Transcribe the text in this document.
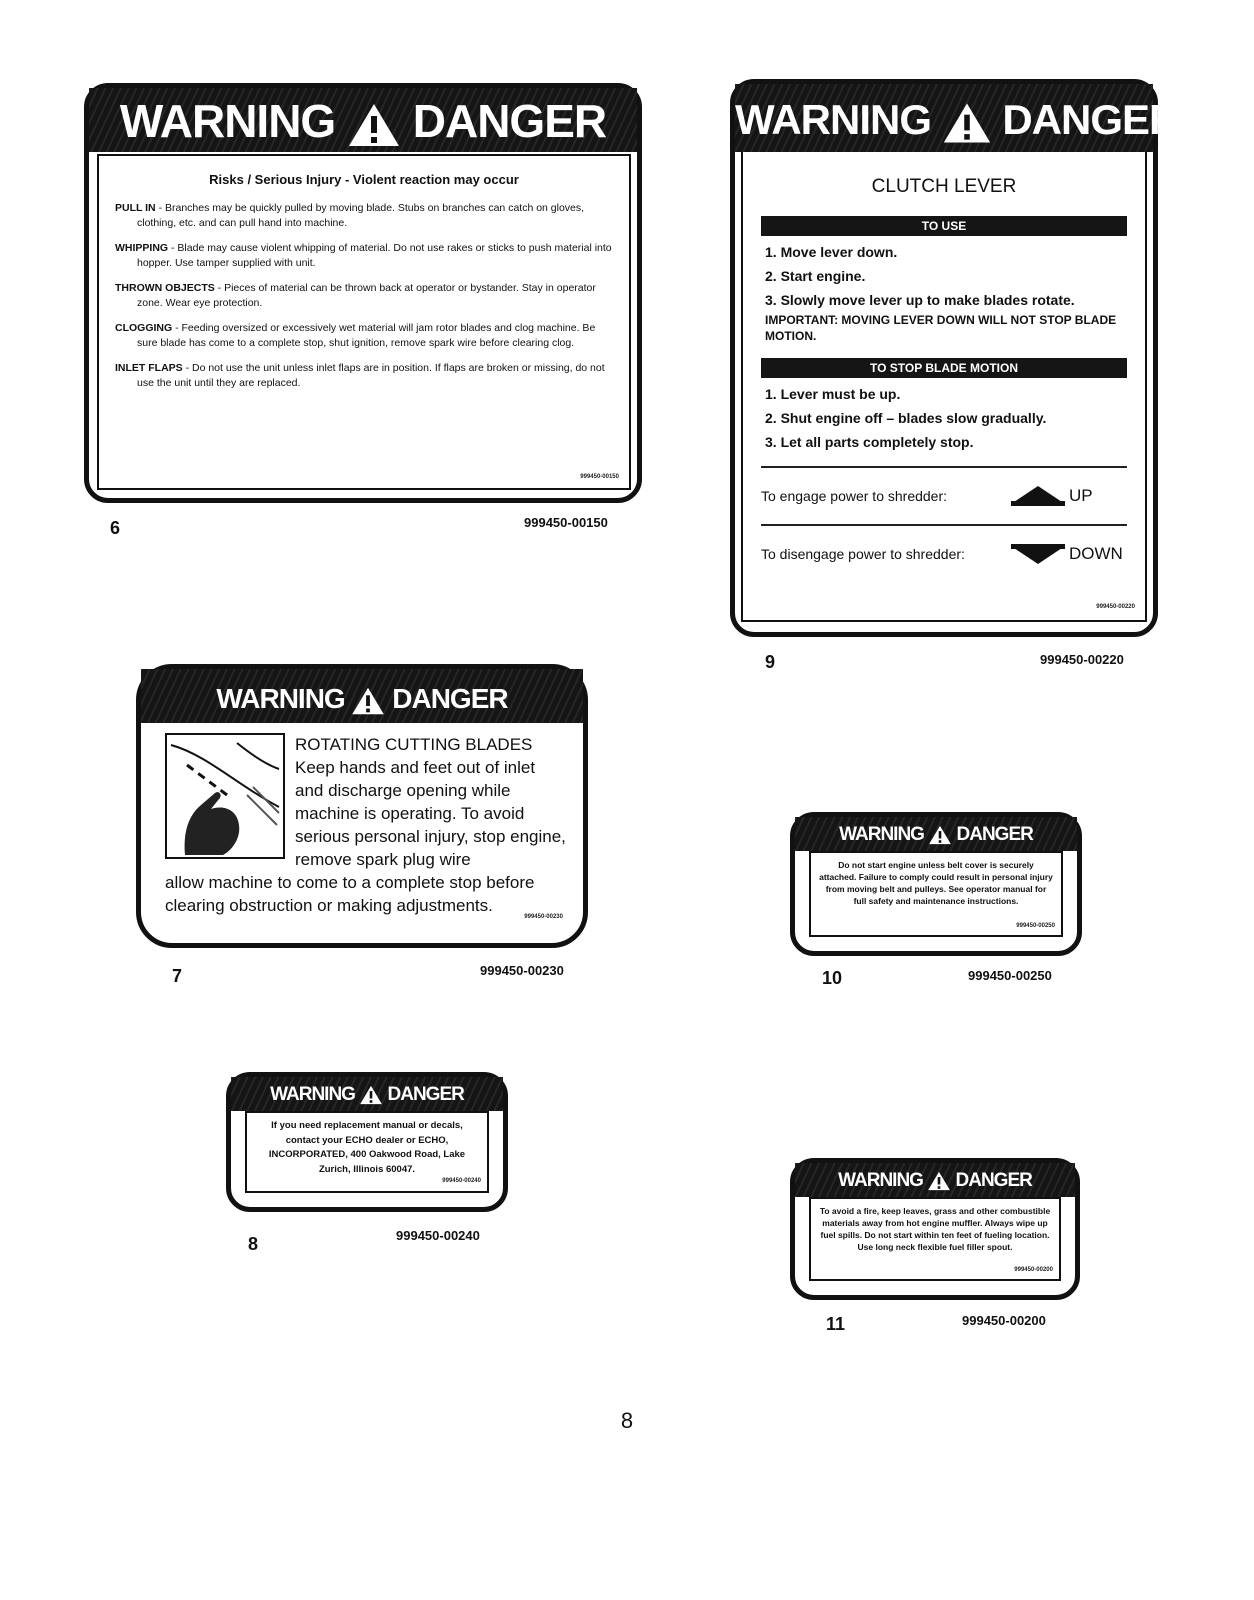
WARNING DANGER
Risks / Serious Injury - Violent reaction may occur
PULL IN - Branches may be quickly pulled by moving blade. Stubs on branches can catch on gloves, clothing, etc. and can pull hand into machine.
WHIPPING - Blade may cause violent whipping of material. Do not use rakes or sticks to push material into hopper. Use tamper supplied with unit.
THROWN OBJECTS - Pieces of material can be thrown back at operator or bystander. Stay in operator zone. Wear eye protection.
CLOGGING - Feeding oversized or excessively wet material will jam rotor blades and clog machine. Be sure blade has come to a complete stop, shut ignition, remove spark wire before clearing clog.
INLET FLAPS - Do not use the unit unless inlet flaps are in position. If flaps are broken or missing, do not use the unit until they are replaced.
999450-00150
6	999450-00150
WARNING DANGER
CLUTCH LEVER
TO USE
1. Move lever down.
2. Start engine.
3. Slowly move lever up to make blades rotate.
IMPORTANT: MOVING LEVER DOWN WILL NOT STOP BLADE MOTION.
TO STOP BLADE MOTION
1. Lever must be up.
2. Shut engine off – blades slow gradually.
3. Let all parts completely stop.
To engage power to shredder:	UP
To disengage power to shredder:	DOWN
999450-00220
9	999450-00220
WARNING DANGER
ROTATING CUTTING BLADES
Keep hands and feet out of inlet and discharge opening while machine is operating. To avoid serious personal injury, stop engine, remove spark plug wire
allow machine to come to a complete stop before clearing obstruction or making adjustments.
999450-00230
7	999450-00230
WARNING DANGER
Do not start engine unless belt cover is securely attached. Failure to comply could result in personal injury from moving belt and pulleys. See operator manual for full safety and maintenance instructions.
999450-00250
10	999450-00250
WARNING DANGER
If you need replacement manual or decals, contact your ECHO dealer or ECHO, INCORPORATED, 400 Oakwood Road, Lake Zurich, Illinois 60047.
999450-00240
8	999450-00240
WARNING DANGER
To avoid a fire, keep leaves, grass and other combustible materials away from hot engine muffler. Always wipe up fuel spills. Do not start within ten feet of fueling location. Use long neck flexible fuel filler spout.
999450-00200
11	999450-00200
8
